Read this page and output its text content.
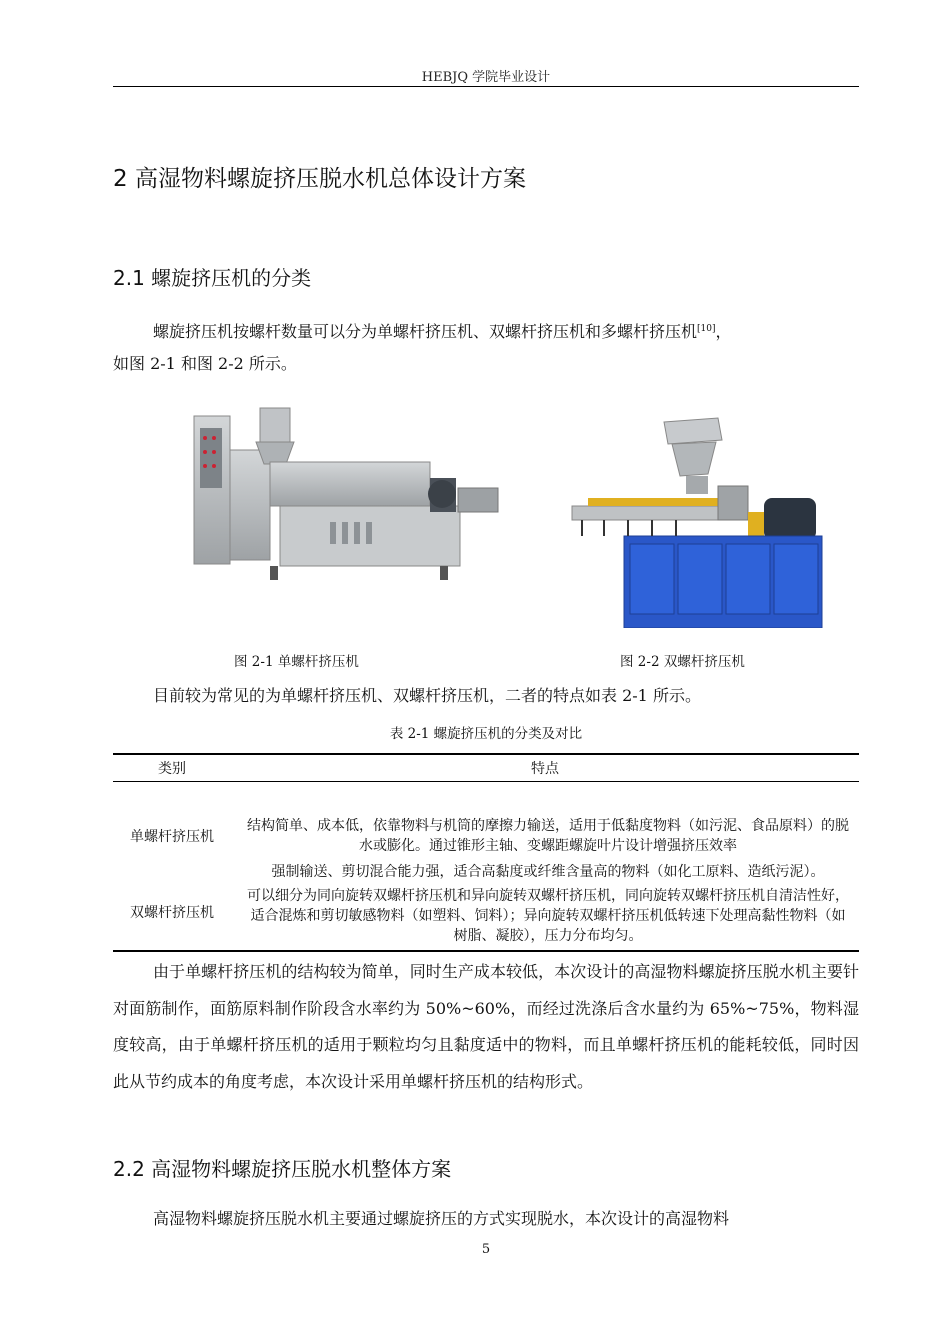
HEBJQ 学院毕业设计
2 高湿物料螺旋挤压脱水机总体设计方案
2.1 螺旋挤压机的分类
螺旋挤压机按螺杆数量可以分为单螺杆挤压机、双螺杆挤压机和多螺杆挤压机[10]，
如图 2-1 和图 2-2 所示。
图 2-1 单螺杆挤压机	图 2-2 双螺杆挤压机
目前较为常见的为单螺杆挤压机、双螺杆挤压机，二者的特点如表 2-1 所示。
表 2-1 螺旋挤压机的分类及对比
类别	特点
单螺杆挤压机	结构简单、成本低，依靠物料与机筒的摩擦力输送，适用于低黏度物料（如污泥、食品原料）的脱水或膨化。通过锥形主轴、变螺距螺旋叶片设计增强挤压效率
双螺杆挤压机	强制输送、剪切混合能力强，适合高黏度或纤维含量高的物料（如化工原料、造纸污泥）。
可以细分为同向旋转双螺杆挤压机和异向旋转双螺杆挤压机，同向旋转双螺杆挤压机自清洁性好，适合混炼和剪切敏感物料（如塑料、饲料）；异向旋转双螺杆挤压机低转速下处理高黏性物料（如树脂、凝胶），压力分布均匀。
由于单螺杆挤压机的结构较为简单，同时生产成本较低，本次设计的高湿物料螺旋挤压脱水机主要针对面筋制作，面筋原料制作阶段含水率约为 50%~60%，而经过洗涤后含水量约为 65%~75%，物料湿度较高，由于单螺杆挤压机的适用于颗粒均匀且黏度适中的物料，而且单螺杆挤压机的能耗较低，同时因此从节约成本的角度考虑，本次设计采用单螺杆挤压机的结构形式。
2.2 高湿物料螺旋挤压脱水机整体方案
高湿物料螺旋挤压脱水机主要通过螺旋挤压的方式实现脱水，本次设计的高湿物料
5
